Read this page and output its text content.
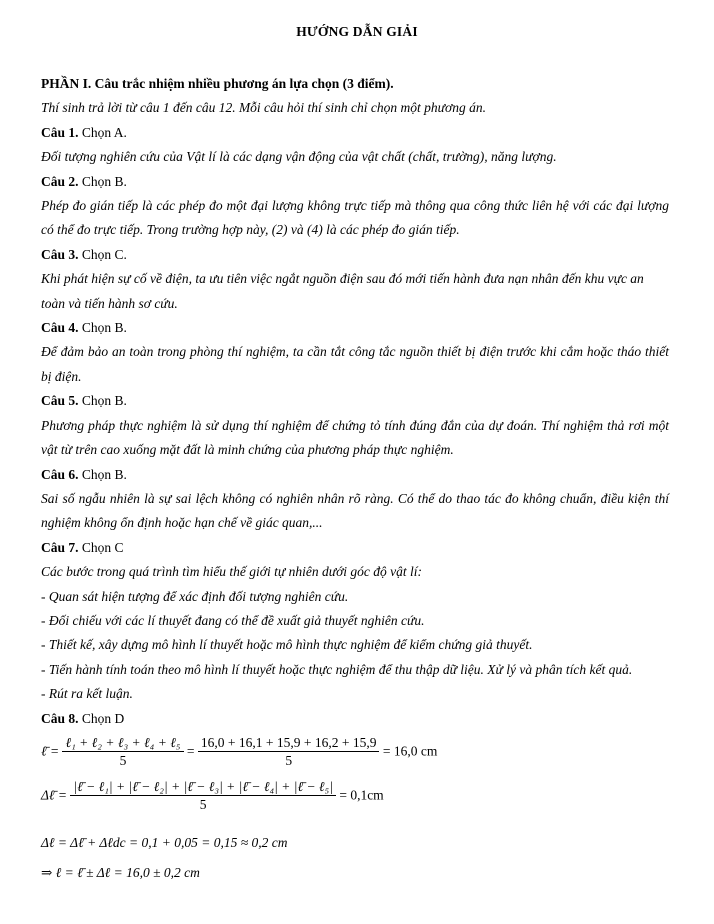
HƯỚNG DẪN GIẢI
PHẦN I. Câu trắc nhiệm nhiều phương án lựa chọn (3 điểm).
Thí sinh trả lời từ câu 1 đến câu 12. Mỗi câu hỏi thí sinh chỉ chọn một phương án.
Câu 1. Chọn A.
Đối tượng nghiên cứu của Vật lí là các dạng vận động của vật chất (chất, trường), năng lượng.
Câu 2. Chọn B.
Phép đo gián tiếp là các phép đo một đại lượng không trực tiếp mà thông qua công thức liên hệ với các đại lượng có thể đo trực tiếp. Trong trường hợp này, (2) và (4) là các phép đo gián tiếp.
Câu 3. Chọn C.
Khi phát hiện sự cố về điện, ta ưu tiên việc ngắt nguồn điện sau đó mới tiến hành đưa nạn nhân đến khu vực an toàn và tiến hành sơ cứu.
Câu 4. Chọn B.
Để đảm bảo an toàn trong phòng thí nghiệm, ta cần tắt công tắc nguồn thiết bị điện trước khi cắm hoặc tháo thiết bị điện.
Câu 5. Chọn B.
Phương pháp thực nghiệm là sử dụng thí nghiệm để chứng tỏ tính đúng đắn của dự đoán. Thí nghiệm thả rơi một vật từ trên cao xuống mặt đất là minh chứng của phương pháp thực nghiệm.
Câu 6. Chọn B.
Sai số ngẫu nhiên là sự sai lệch không có nghiên nhân rõ ràng. Có thể do thao tác đo không chuẩn, điều kiện thí nghiệm không ổn định hoặc hạn chế về giác quan,...
Câu 7. Chọn C
Các bước trong quá trình tìm hiểu thế giới tự nhiên dưới góc độ vật lí:
- Quan sát hiện tượng để xác định đối tượng nghiên cứu.
- Đối chiếu với các lí thuyết đang có thể đề xuất giả thuyết nghiên cứu.
- Thiết kế, xây dựng mô hình lí thuyết hoặc mô hình thực nghiệm để kiểm chứng giả thuyết.
- Tiến hành tính toán theo mô hình lí thuyết hoặc thực nghiệm để thu thập dữ liệu. Xử lý và phân tích kết quả.
- Rút ra kết luận.
Câu 8. Chọn D
ℓ̄ = $\frac{\text{ℓ₁ + ℓ₂ + ℓ₃ + ℓ₄ + ℓ₅}}{5} = \frac{16,0 + 16,1 + 15,9 + 16,2 + 15,9}{5} = 16,0$ cm
Δℓ̄ = $\frac{\text{|ℓ̄ − ℓ₁| + |ℓ̄ − ℓ₂| + |ℓ̄ − ℓ₃| + |ℓ̄ − ℓ₄| + |ℓ̄ − ℓ₅|}}{5} = 0,1cm$
Δℓ = Δℓ̄ + Δℓdc = 0,1 + 0,05 = 0,15 ≈ 0,2 cm
⇒ ℓ = ℓ̄ ± Δℓ = 16,0 ± 0,2 cm
